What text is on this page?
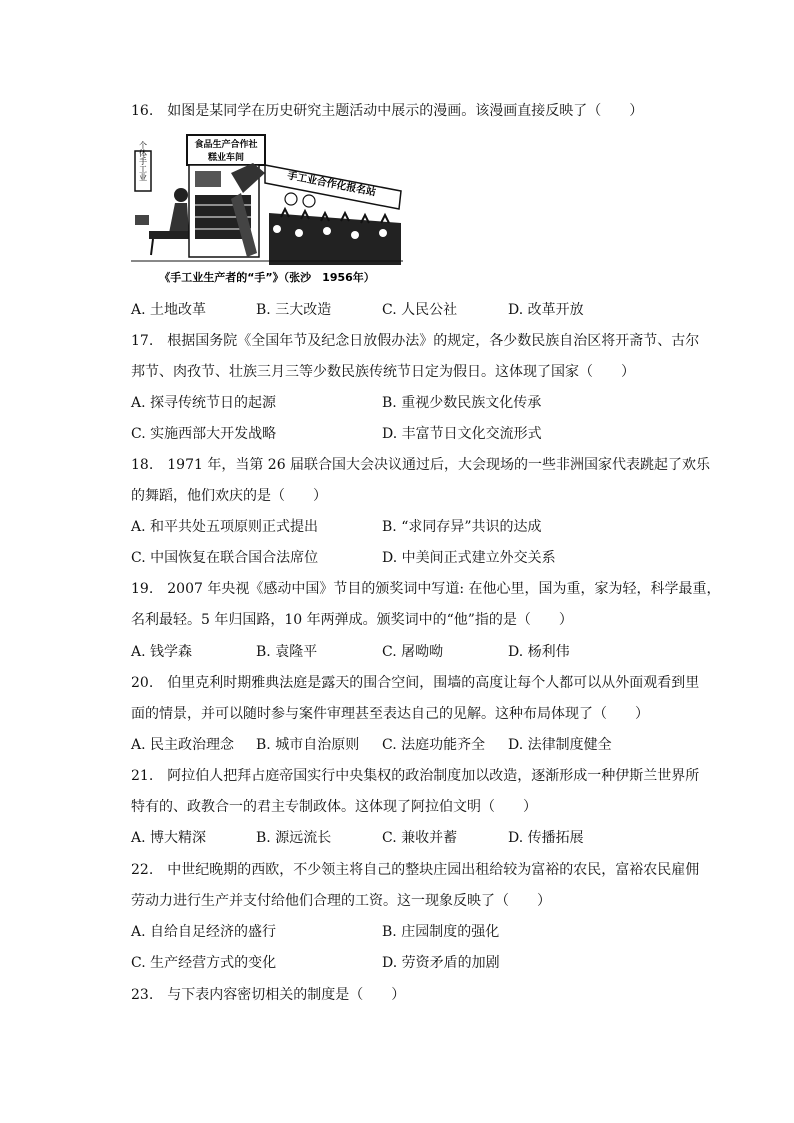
16.　如图是某同学在历史研究主题活动中展示的漫画。该漫画直接反映了（　　）
个体手工业	食品生产合作社
糕业车间
手工业合作化报名站
《手工业生产者的“手”》（张沙　1956年）
A. 土地改革	B. 三大改造	C. 人民公社	D. 改革开放
17.　根据国务院《全国年节及纪念日放假办法》的规定，各少数民族自治区将开斋节、古尔
邦节、肉孜节、壮族三月三等少数民族传统节日定为假日。这体现了国家（　　）
A. 探寻传统节日的起源	B. 重视少数民族文化传承
C. 实施西部大开发战略	D. 丰富节日文化交流形式
18.　1971 年，当第 26 届联合国大会决议通过后，大会现场的一些非洲国家代表跳起了欢乐
的舞蹈，他们欢庆的是（　　）
A. 和平共处五项原则正式提出	B. “求同存异”共识的达成
C. 中国恢复在联合国合法席位	D. 中美间正式建立外交关系
19.　2007 年央视《感动中国》节目的颁奖词中写道: 在他心里，国为重，家为轻，科学最重，
名利最轻。5 年归国路，10 年两弹成。颁奖词中的“他”指的是（　　）
A. 钱学森	B. 袁隆平	C. 屠呦呦	D. 杨利伟
20.　伯里克利时期雅典法庭是露天的围合空间，围墙的高度让每个人都可以从外面观看到里
面的情景，并可以随时参与案件审理甚至表达自己的见解。这种布局体现了（　　）
A. 民主政治理念 B. 城市自治原则 C. 法庭功能齐全 D. 法律制度健全
21.　阿拉伯人把拜占庭帝国实行中央集权的政治制度加以改造，逐渐形成一种伊斯兰世界所
特有的、政教合一的君主专制政体。这体现了阿拉伯文明（　　）
A. 博大精深	B. 源远流长	C. 兼收并蓄	D. 传播拓展
22.　中世纪晚期的西欧，不少领主将自己的整块庄园出租给较为富裕的农民，富裕农民雇佣
劳动力进行生产并支付给他们合理的工资。这一现象反映了（　　）
A. 自给自足经济的盛行	B. 庄园制度的强化
C. 生产经营方式的变化	D. 劳资矛盾的加剧
23.　与下表内容密切相关的制度是（　　）
